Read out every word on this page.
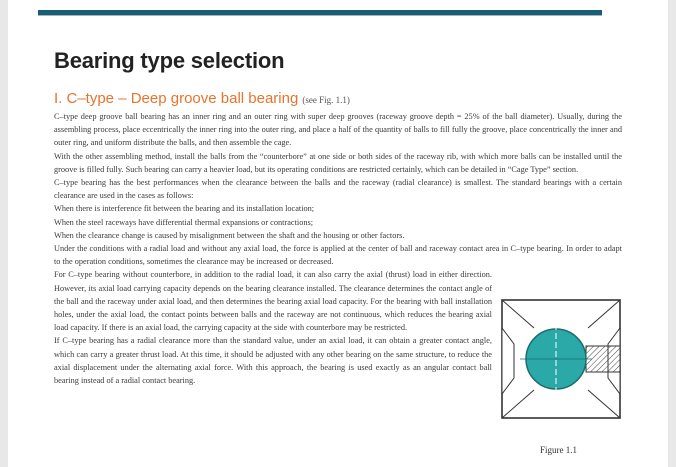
Bearing type selection
I. C–type – Deep groove ball bearing (see Fig. 1.1)

C–type deep groove ball bearing has an inner ring and an outer ring with super deep grooves (raceway groove depth = 25% of the ball diameter). Usually, during the assembling process, place eccentrically the inner ring into the outer ring, and place a half of the quantity of balls to fill fully the groove, place concentrically the inner and outer ring, and uniform distribute the balls, and then assemble the cage.

With the other assembling method, install the balls from the “counterbore” at one side or both sides of the raceway rib, with which more balls can be installed until the groove is filled fully. Such bearing can carry a heavier load, but its operating conditions are restricted certainly, which can be detailed in “Cage Type” section.

C–type bearing has the best performances when the clearance between the balls and the raceway (radial clearance) is smallest. The standard bearings with a certain clearance are used in the cases as follows:

When there is interference fit between the bearing and its installation location;

When the steel raceways have differential thermal expansions or contractions;

When the clearance change is caused by misalignment between the shaft and the housing or other factors.

Under the conditions with a radial load and without any axial load, the force is applied at the center of ball and raceway contact area in C–type bearing. In order to adapt to the operation conditions, sometimes the clearance may be increased or decreased.

For C–type bearing without counterbore, in addition to the radial load, it can also carry the axial (thrust) load in either direction. However, its axial load carrying capacity depends on the bearing clearance installed. The clearance determines the contact angle of the ball and the raceway under axial load, and then determines the bearing axial load capacity. For the bearing with ball installation holes, under the axial load, the contact points between balls and the raceway are not continuous, which reduces the bearing axial load capacity. If there is an axial load, the carrying capacity at the side with counterbore may be restricted.

If C–type bearing has a radial clearance more than the standard value, under an axial load, it can obtain a greater contact angle, which can carry a greater thrust load. At this time, it should be adjusted with any other bearing on the same structure, to reduce the axial displacement under the alternating axial force. With this approach, the bearing is used exactly as an angular contact ball bearing instead of a radial contact bearing.

Figure 1.1
